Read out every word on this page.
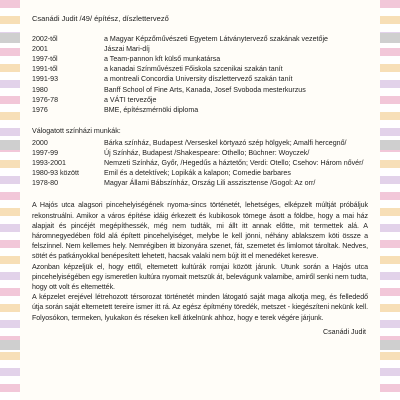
Csanádi Judit /49/ építész, díszlettervező
2002-től	a Magyar Képzőművészeti Egyetem Látványtervező szakának vezetője
2001	Jászai Mari-díj
1997-től	a Team-pannon kft külső munkatársa
1991-től	a kanadai Színművészeti Főiskola szcenikai szakán tanít
1991-93	a montreali Concordia University díszlettervező szakán tanít
1980	Banff School of Fine Arts, Kanada, Josef Svoboda mesterkurzus
1976-78	a VÁTI tervezője
1976	BME, építészmérnöki diploma
Válogatott színházi munkák:
2000	Bárka színház, Budapest /Verseskel körtyazó szép hölgyek; Amalfi hercegnő/
1997-99	Új Színház, Budapest /Shakespeare: Othello; Büchner: Woyczek/
1993-2001	Nemzeti Színház, Győr, /Hegedűs a háztetőn; Verdi: Otello; Csehov: Három nővér/
1980-93 között	Emil és a detektívek; Lopikák a kalapon; Comedie barbares
1978-80	Magyar Állami Bábszínház, Ország Lili asszisztense /Gogol: Az orr/

A Hajós utca alagsori pincehelyiségének nyoma-sincs történetét, lehetséges, elképzelt múltját próbáljuk rekonstruálni. Amikor a város építése idáig érkezett és kubikosok tömege ásott a földbe, hogy a mai ház alapjait és pincéjét megépíthessék, még nem tudták, mi állt itt annak előtte, mit termettek alá. A háromnegyedében föld alá épített pincehelyiséget, melybe le kell jönni, néhány ablakszem köti össze a felszínnel. Nem kellemes hely. Nemrégiben itt bizonyára szenet, fát, szemetet és limlomot tároltak. Nedves, sötét és patkányokkal benépesített lehetett, hacsak valaki nem bújt itt el menedéket keresve.

Azonban képzeljük el, hogy ettől, eltemetett kultúrák romjai között járunk. Utunk során a Hajós utca pincehelyiségében egy ismeretlen kultúra nyomait metszük át, belevágunk valamibe, amiről senki nem tudta, hogy ott volt és eltemették.

A képzelet erejével létrehozott térsorozat történetét minden látogató saját maga alkotja meg, és fellededő útja során saját eltemetett tereire ismer itt rá. Az egész építmény töredék, metszet - kiegészíteni nekünk kell. Folyosókon, termeken, lyukakon és réseken kell átkelnünk ahhoz, hogy e terek végére járjunk.

Csanádi Judit
